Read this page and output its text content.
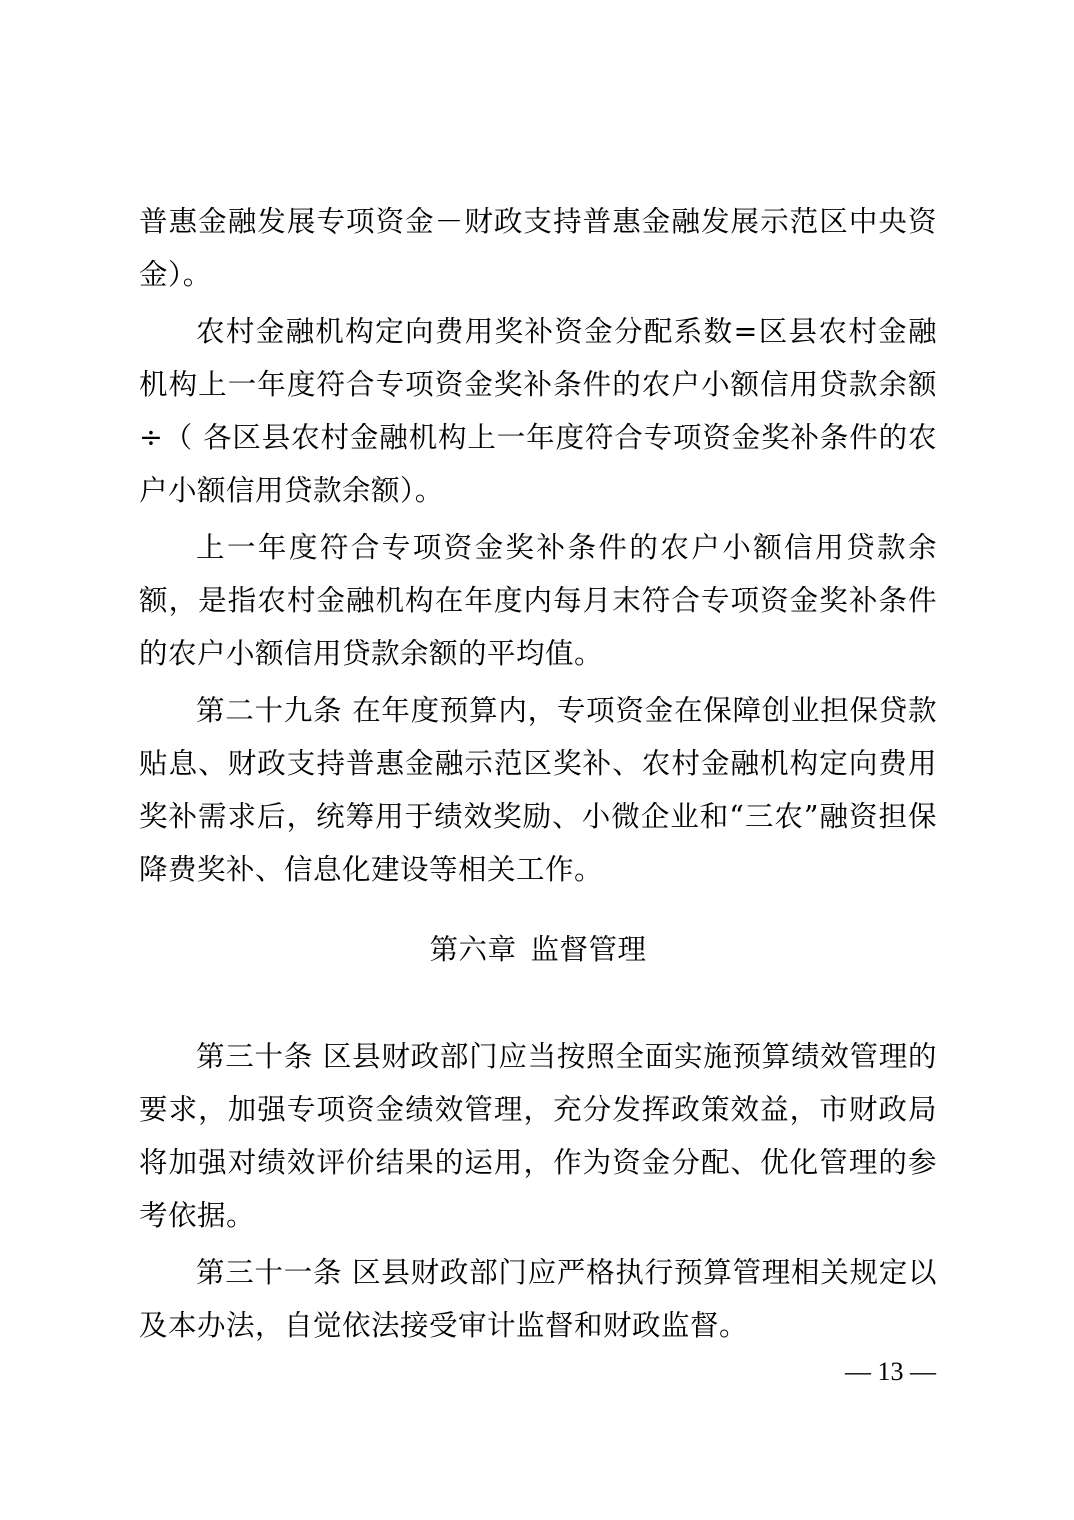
普惠金融发展专项资金－财政支持普惠金融发展示范区中央资金）。

农村金融机构定向费用奖补资金分配系数=区县农村金融机构上一年度符合专项资金奖补条件的农户小额信用贷款余额÷（ 各区县农村金融机构上一年度符合专项资金奖补条件的农户小额信用贷款余额）。

上一年度符合专项资金奖补条件的农户小额信用贷款余额，是指农村金融机构在年度内每月末符合专项资金奖补条件的农户小额信用贷款余额的平均值。

第二十九条 在年度预算内，专项资金在保障创业担保贷款贴息、财政支持普惠金融示范区奖补、农村金融机构定向费用奖补需求后，统筹用于绩效奖励、小微企业和“三农”融资担保降费奖补、信息化建设等相关工作。

第六章 监督管理

第三十条 区县财政部门应当按照全面实施预算绩效管理的要求，加强专项资金绩效管理，充分发挥政策效益，市财政局将加强对绩效评价结果的运用，作为资金分配、优化管理的参考依据。

第三十一条 区县财政部门应严格执行预算管理相关规定以及本办法，自觉依法接受审计监督和财政监督。

— 13 —
